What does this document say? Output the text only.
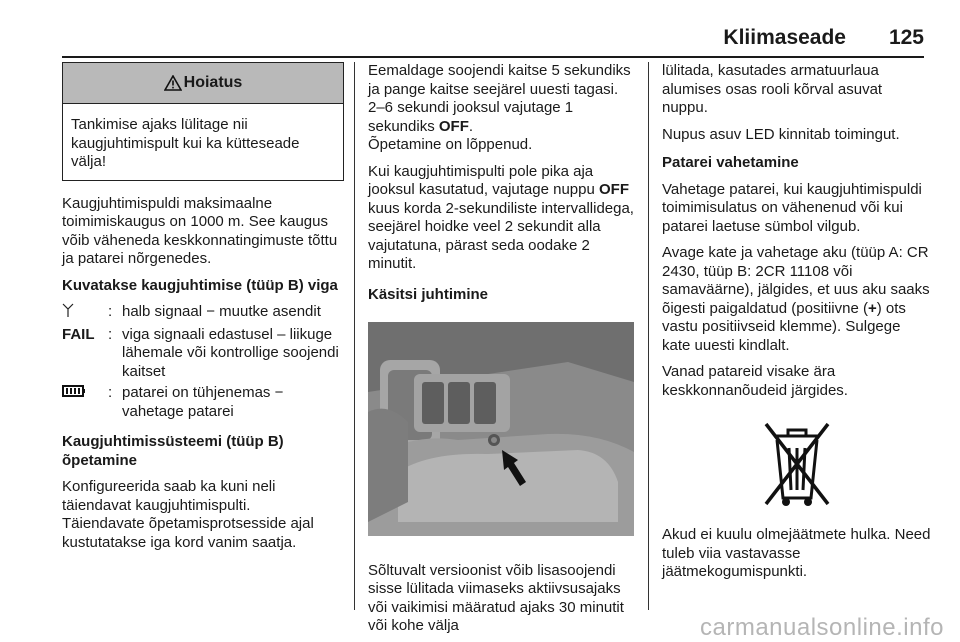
Kliimaseade 125
Hoiatus
Tankimise ajaks lülitage nii kaugjuhtimispult kui ka kütteseade välja!

Kaugjuhtimispuldi maksimaalne toimimiskaugus on 1000 m. See kaugus võib väheneda keskkonnatingimuste tõttu ja patarei nõrgenedes.

Kuvatakse kaugjuhtimise (tüüp B) viga

: halb signaal − muutke asendit
FAIL : viga signaali edastusel – liikuge lähemale või kontrollige soojendi kaitset
: patarei on tühjenemas − vahetage patarei

Kaugjuhtimissüsteemi (tüüp B) õpetamine

Konfigureerida saab ka kuni neli täiendavat kaugjuhtimispulti.
Täiendavate õpetamisprotsesside ajal kustutatakse iga kord vanim saatja.

Eemaldage soojendi kaitse 5 sekundiks ja pange kaitse seejärel uuesti tagasi. 2–6 sekundi jooksul vajutage 1 sekundiks OFF.
Õpetamine on lõppenud.

Kui kaugjuhtimispulti pole pika aja jooksul kasutatud, vajutage nuppu OFF kuus korda 2-sekundiliste intervallidega, seejärel hoidke veel 2 sekundit alla vajutatuna, pärast seda oodake 2 minutit.

Käsitsi juhtimine

Sõltuvalt versioonist võib lisasoojendi sisse lülitada viimaseks aktiivsusajaks või vaikimisi määratud ajaks 30 minutit või kohe välja

lülitada, kasutades armatuurlaua alumises osas rooli kõrval asuvat nuppu.

Nupus asuv LED kinnitab toimingut.

Patarei vahetamine

Vahetage patarei, kui kaugjuhtimispuldi toimimisulatus on vähenenud või kui patarei laetuse sümbol vilgub.

Avage kate ja vahetage aku (tüüp A: CR 2430, tüüp B: 2CR 11108 või samaväärne), jälgides, et uus aku saaks õigesti paigaldatud (positiivne (+) ots vastu positiivseid klemme). Sulgege kate uuesti kindlalt.

Vanad patareid visake ära keskkonnanõudeid järgides.

Akud ei kuulu olmejäätmete hulka. Need tuleb viia vastavasse jäätmekogumispunkti.
carmanualsonline.info
